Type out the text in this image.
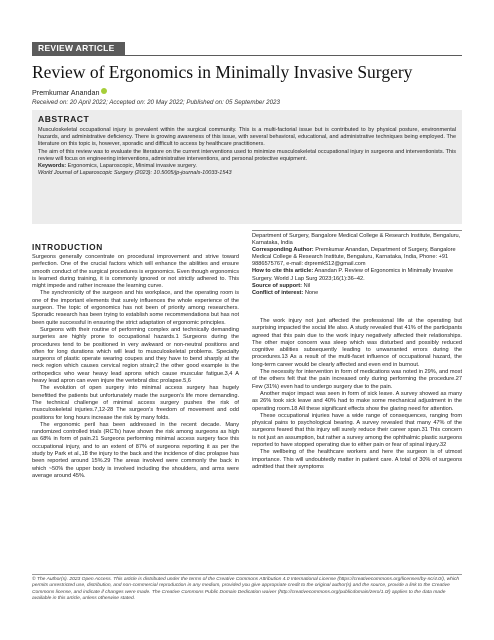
REVIEW ARTICLE
Review of Ergonomics in Minimally Invasive Surgery
Premkumar Anandan
Received on: 20 April 2022; Accepted on: 20 May 2022; Published on: 05 September 2023
ABSTRACT

Musculoskeletal occupational injury is prevalent within the surgical community. This is a multi-factorial issue but is contributed to by physical posture, environmental hazards, and administrative deficiency. There is growing awareness of this issue, with several behavioral, educational, and administrative techniques being employed. The literature on this topic is, however, sporadic and difficult to access by healthcare practitioners.

The aim of this review was to evaluate the literature on the current interventions used to minimize musculoskeletal occupational injury in surgeons and interventionists. This review will focus on engineering interventions, administrative interventions, and personal protective equipment.

Keywords: Ergonomics, Laparoscopic, Minimal invasive surgery.

World Journal of Laparoscopic Surgery (2023): 10.5005/jp-journals-10033-1543

INTRODUCTION

Surgeons generally concentrate on procedural improvement and strive toward perfection. One of the crucial factors which will enhance the abilities and ensure smooth conduct of the surgical procedures is ergonomics. Even though ergonomics is learned during training, it is commonly ignored or not strictly adhered to. This might impede and rather increase the learning curve.

The synchronicity of the surgeon and his workplace, and the operating room is one of the important elements that surely influences the whole experience of the surgeon. The topic of ergonomics has not been of priority among researchers. Sporadic research has been trying to establish some recommendations but has not been quite successful in ensuring the strict adaptation of ergonomic principles.

Surgeons with their routine of performing complex and technically demanding surgeries are highly prone to occupational hazards.1 Surgeons during the procedures tend to be positioned in very awkward or non-neutral positions and often for long durations which will lead to musculoskeletal problems. Specialty surgeons of plastic operate wearing coupes and they have to bend sharply at the neck region which causes cervical region strain;2 the other good example is the orthopedics who wear heavy lead aprons which cause muscular fatigue.3,4 A heavy lead apron can even injure the vertebral disc prolapse.5,6

The evolution of open surgery into minimal access surgery has hugely benefitted the patients but unfortunately made the surgeon's life more demanding. The technical challenge of minimal access surgery pushes the risk of musculoskeletal injuries.7,12-28 The surgeon's freedom of movement and odd positions for long hours increase the risk by many folds.

The ergonomic peril has been addressed in the recent decade. Many randomized controlled trials (RCTs) have shown the risk among surgeons as high as 68% in form of pain.21 Surgeons performing minimal access surgery face this occupational injury, and to an extent of 87% of surgeons reporting it as per the study by Park et al.,18 the injury to the back and the incidence of disc prolapse has been reported around 15%.29 The areas involved were commonly the back in which ~50% the upper body is involved including the shoulders, and arms were average around 45%.

Department of Surgery, Bangalore Medical College & Research Institute, Bengaluru, Karnataka, India

Corresponding Author: Premkumar Anandan, Department of Surgery, Bangalore Medical College & Research Institute, Bengaluru, Karnataka, India, Phone: +91 9886575767, e-mail: drpremk512@gmail.com

How to cite this article: Anandan P. Review of Ergonomics in Minimally Invasive Surgery. World J Lap Surg 2023;16(1):36–42.

Source of support: Nil

Conflict of interest: None

The work injury not just affected the professional life at the operating but surprising impacted the social life also. A study revealed that 41% of the participants agreed that this pain due to the work injury negatively affected their relationships. The other major concern was sleep which was disturbed and possibly reduced cognitive abilities subsequently leading to unwarranted errors during the procedures.13 As a result of the multi-facet influence of occupational hazard, the long-term career would be clearly affected and even end in burnout.

The necessity for intervention in form of medications was noted in 29%, and most of the others felt that the pain increased only during performing the procedure.27 Few (31%) even had to undergo surgery due to the pain.

Another major impact was seen in form of sick leave. A survey showed as many as 26% took sick leave and 40% had to make some mechanical adjustment in the operating room.18 All these significant effects show the glaring need for attention.

These occupational injuries have a wide range of consequences, ranging from physical pains to psychological bearing. A survey revealed that many 47% of the surgeons feared that this injury will surely reduce their career span.31 This concern is not just an assumption, but rather a survey among the ophthalmic plastic surgeons reported to have stopped operating due to either pain or fear of spinal injury.32

The wellbeing of the healthcare workers and here the surgeon is of utmost importance. This will undoubtedly matter in patient care. A total of 30% of surgeons admitted that their symptoms

© The Author(s). 2023 Open Access. This article is distributed under the terms of the Creative Commons Attribution 4.0 International License (https://creativecommons.org/licenses/by-nc/4.0/), which permits unrestricted use, distribution, and non-commercial reproduction in any medium, provided you give appropriate credit to the original author(s) and the source, provide a link to the Creative Commons license, and indicate if changes were made. The Creative Commons Public Domain Dedication waiver (http://creativecommons.org/publicdomain/zero/1.0/) applies to the data made available in this article, unless otherwise stated.
